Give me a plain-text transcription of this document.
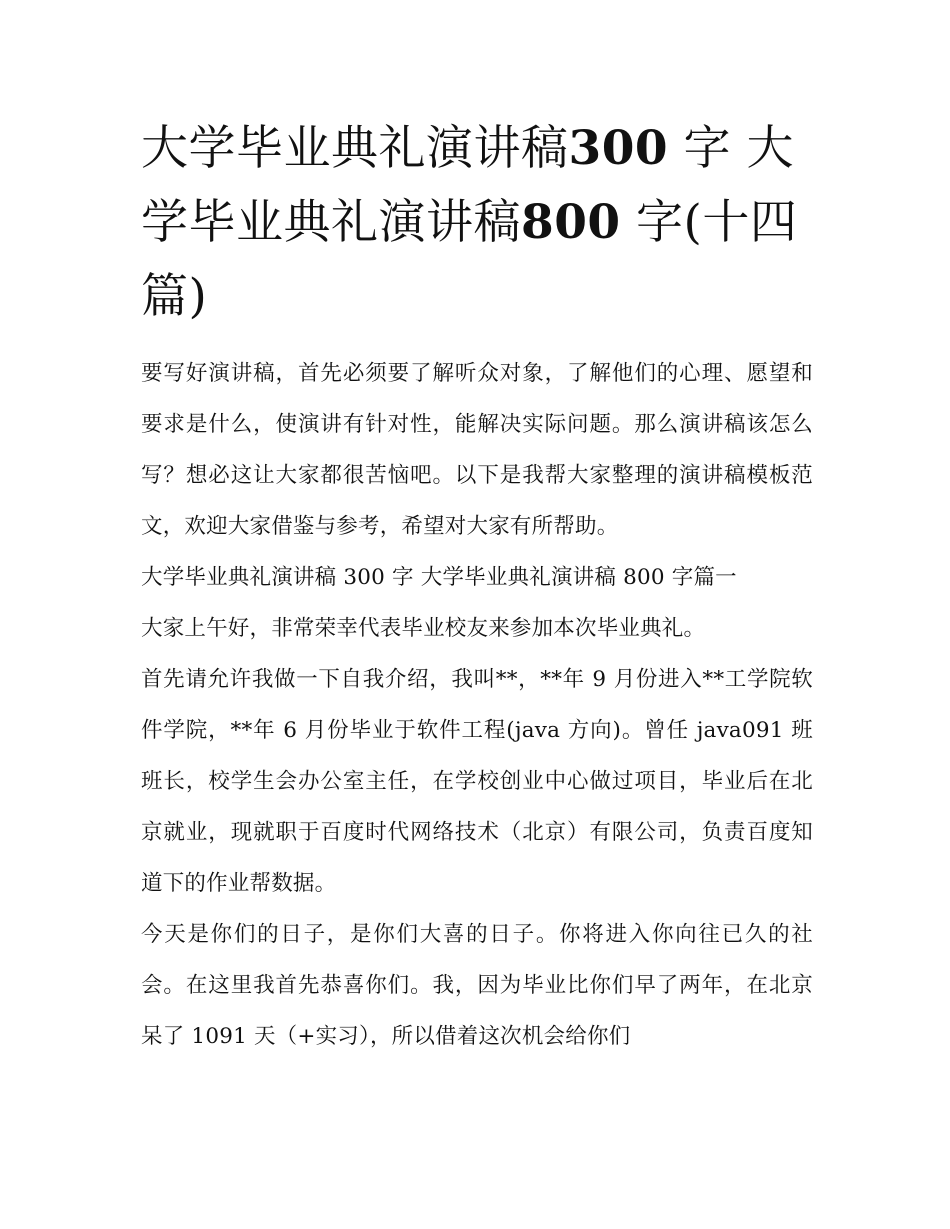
大学毕业典礼演讲稿300 字 大学毕业典礼演讲稿800 字(十四篇)

要写好演讲稿，首先必须要了解听众对象，了解他们的心理、愿望和要求是什么，使演讲有针对性，能解决实际问题。那么演讲稿该怎么写？想必这让大家都很苦恼吧。以下是我帮大家整理的演讲稿模板范文，欢迎大家借鉴与参考，希望对大家有所帮助。

大学毕业典礼演讲稿 300 字 大学毕业典礼演讲稿 800 字篇一

大家上午好，非常荣幸代表毕业校友来参加本次毕业典礼。

首先请允许我做一下自我介绍，我叫**，**年 9 月份进入**工学院软件学院，**年 6 月份毕业于软件工程(java 方向)。曾任 java091 班班长，校学生会办公室主任，在学校创业中心做过项目，毕业后在北京就业，现就职于百度时代网络技术（北京）有限公司，负责百度知道下的作业帮数据。

今天是你们的日子，是你们大喜的日子。你将进入你向往已久的社会。在这里我首先恭喜你们。我，因为毕业比你们早了两年，在北京呆了 1091 天（+实习），所以借着这次机会给你们
